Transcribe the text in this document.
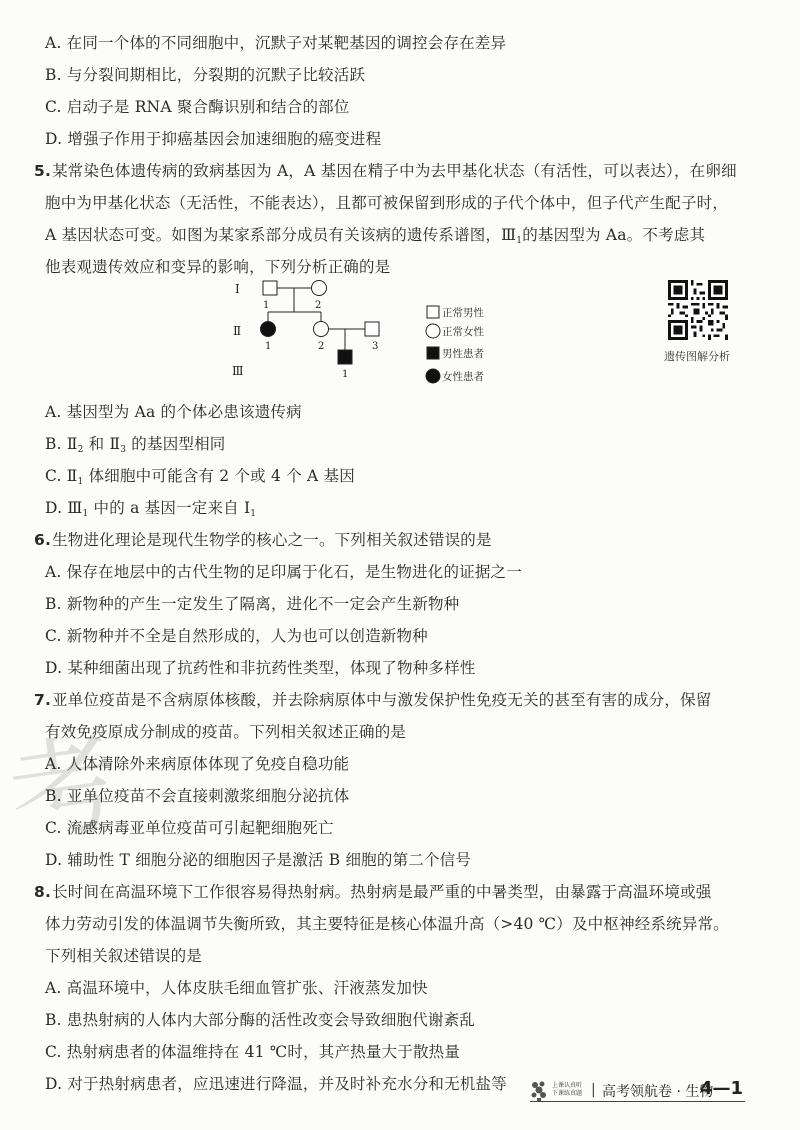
考
A. 在同一个体的不同细胞中，沉默子对某靶基因的调控会存在差异
B. 与分裂间期相比，分裂期的沉默子比较活跃
C. 启动子是 RNA 聚合酶识别和结合的部位
D. 增强子作用于抑癌基因会加速细胞的癌变进程
5.某常染色体遗传病的致病基因为 A，A 基因在精子中为去甲基化状态（有活性，可以表达），在卵细
胞中为甲基化状态（无活性，不能表达），且都可被保留到形成的子代个体中，但子代产生配子时，
A 基因状态可变。如图为某家系部分成员有关该病的遗传系谱图，$Ⅲ_1$的基因型为 Aa。不考虑其
他表观遗传效应和变异的影响，下列分析正确的是
Ⅰ
Ⅱ
Ⅲ
1	2
1	2	3
1
正常男性
正常女性
男性患者
女性患者
遗传图解分析
A. 基因型为 Aa 的个体必患该遗传病
B. $Ⅱ_2$ 和 $Ⅱ_3$ 的基因型相同
C. $Ⅱ_1$ 体细胞中可能含有 2 个或 4 个 A 基因
D. $Ⅲ_1$ 中的 a 基因一定来自 $Ⅰ_1$
6.生物进化理论是现代生物学的核心之一。下列相关叙述错误的是
A. 保存在地层中的古代生物的足印属于化石，是生物进化的证据之一
B. 新物种的产生一定发生了隔离，进化不一定会产生新物种
C. 新物种并不全是自然形成的，人为也可以创造新物种
D. 某种细菌出现了抗药性和非抗药性类型，体现了物种多样性
7.亚单位疫苗是不含病原体核酸，并去除病原体中与激发保护性免疫无关的甚至有害的成分，保留
有效免疫原成分制成的疫苗。下列相关叙述正确的是
A. 人体清除外来病原体体现了免疫自稳功能
B. 亚单位疫苗不会直接刺激浆细胞分泌抗体
C. 流感病毒亚单位疫苗可引起靶细胞死亡
D. 辅助性 T 细胞分泌的细胞因子是激活 B 细胞的第二个信号
8.长时间在高温环境下工作很容易得热射病。热射病是最严重的中暑类型，由暴露于高温环境或强
体力劳动引发的体温调节失衡所致，其主要特征是核心体温升高（>40 ℃）及中枢神经系统异常。
下列相关叙述错误的是
A. 高温环境中，人体皮肤毛细血管扩张、汗液蒸发加快
B. 患热射病的人体内大部分酶的活性改变会导致细胞代谢紊乱
C. 热射病患者的体温维持在 41 ℃时，其产热量大于散热量
D. 对于热射病患者，应迅速进行降温，并及时补充水分和无机盐等	上课认真听
下课练真题 | 高考领航卷 · 生物
4—1
